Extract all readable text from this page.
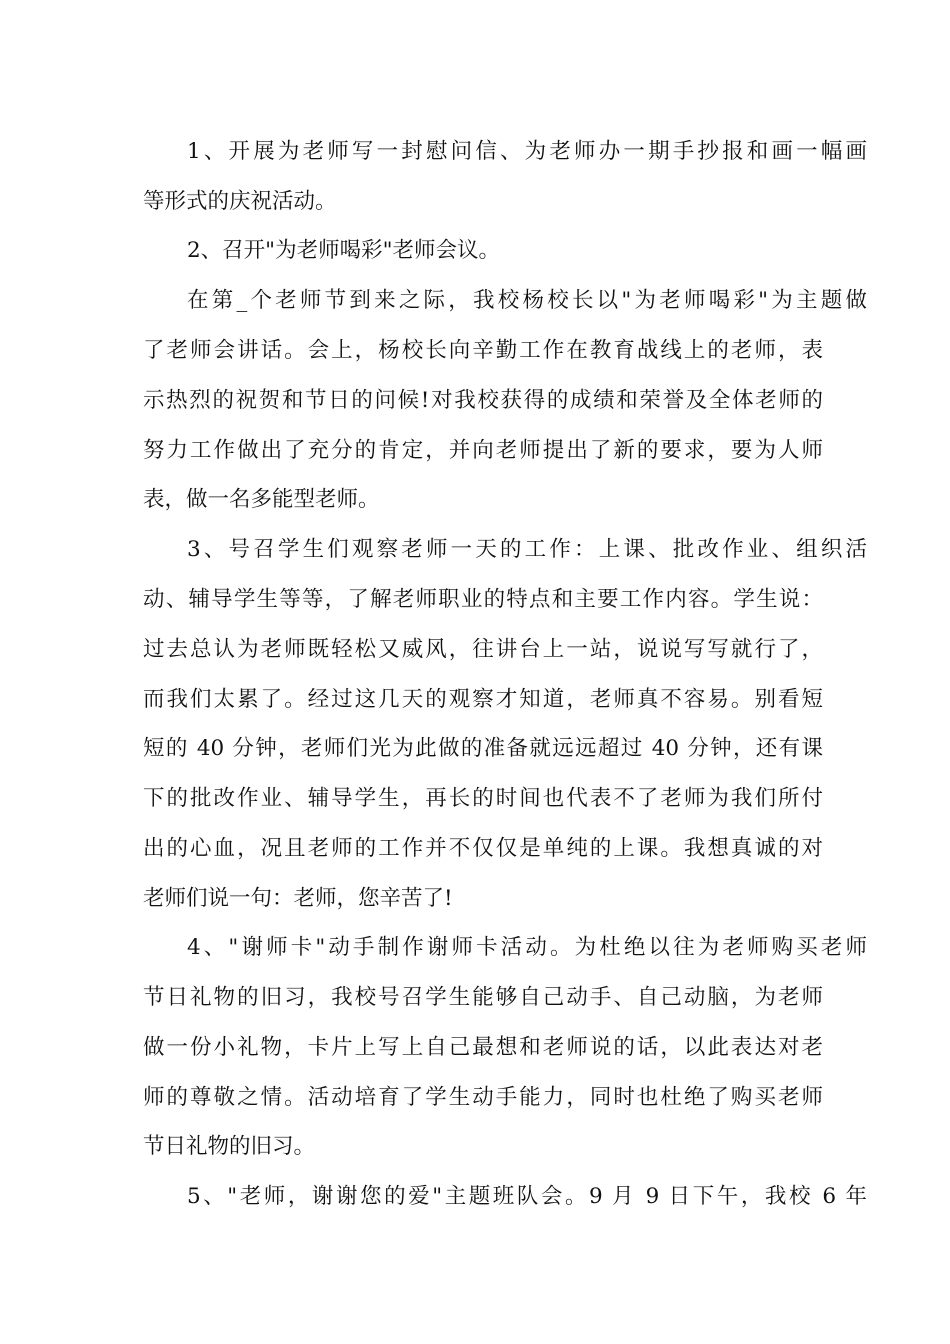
1、开展为老师写一封慰问信、为老师办一期手抄报和画一幅画
等形式的庆祝活动。
2、召开"为老师喝彩"老师会议。
在第_个老师节到来之际，我校杨校长以"为老师喝彩"为主题做
了老师会讲话。会上，杨校长向辛勤工作在教育战线上的老师，表
示热烈的祝贺和节日的问候!对我校获得的成绩和荣誉及全体老师的
努力工作做出了充分的肯定，并向老师提出了新的要求，要为人师
表，做一名多能型老师。
3、号召学生们观察老师一天的工作：上课、批改作业、组织活
动、辅导学生等等，了解老师职业的特点和主要工作内容。学生说：
过去总认为老师既轻松又威风，往讲台上一站，说说写写就行了，
而我们太累了。经过这几天的观察才知道，老师真不容易。别看短
短的 40 分钟，老师们光为此做的准备就远远超过 40 分钟，还有课
下的批改作业、辅导学生，再长的时间也代表不了老师为我们所付
出的心血，况且老师的工作并不仅仅是单纯的上课。我想真诚的对
老师们说一句：老师，您辛苦了!
4、"谢师卡"动手制作谢师卡活动。为杜绝以往为老师购买老师
节日礼物的旧习，我校号召学生能够自己动手、自己动脑，为老师
做一份小礼物，卡片上写上自己最想和老师说的话，以此表达对老
师的尊敬之情。活动培育了学生动手能力，同时也杜绝了购买老师
节日礼物的旧习。
5、"老师，谢谢您的爱"主题班队会。9 月 9 日下午，我校 6 年
